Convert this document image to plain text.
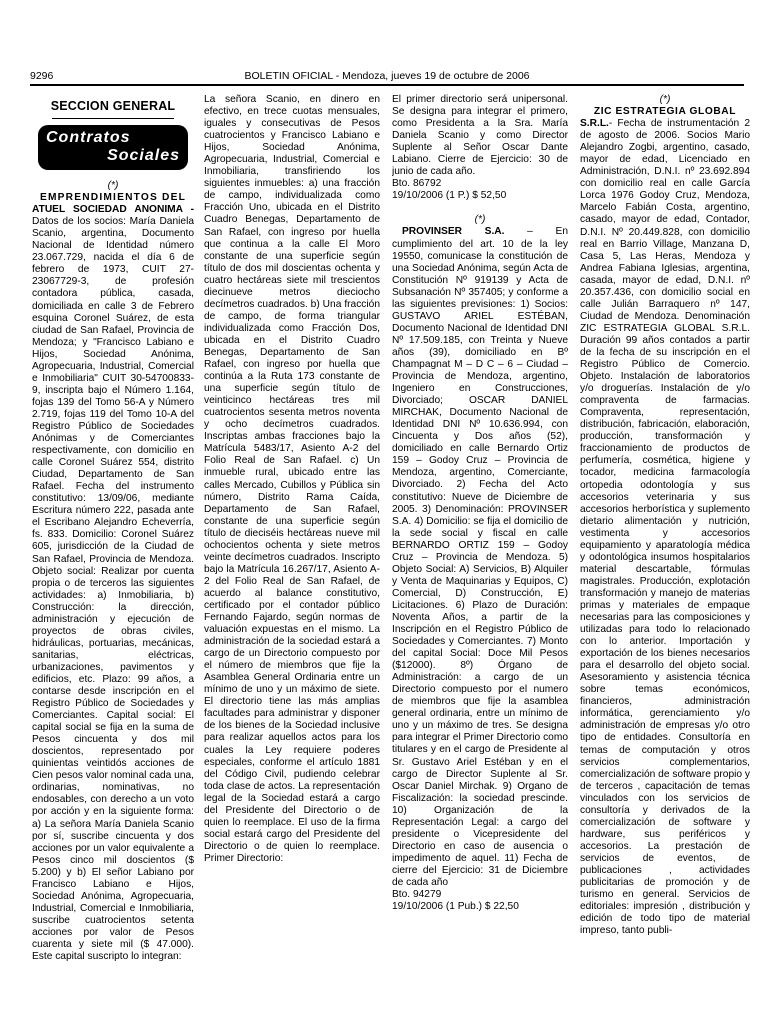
9296	BOLETIN OFICIAL - Mendoza, jueves 19 de octubre de 2006
SECCION GENERAL
Contratos
Sociales

(*)

EMPRENDIMIENTOS DEL

ATUEL SOCIEDAD ANONIMA - Datos de los socios: María Daniela Scanio, argentina, Documento Nacional de Identidad número 23.067.729, nacida el día 6 de febrero de 1973, CUIT 27-23067729-3, de profesión contadora pública, casada, domiciliada en calle 3 de Febrero esquina Coronel Suárez, de esta ciudad de San Rafael, Provincia de Mendoza; y "Francisco Labiano e Hijos, Sociedad Anónima, Agropecuaria, Industrial, Comercial e Inmobiliaria" CUIT 30-54700833-9, inscripta bajo el Número 1.164, fojas 139 del Tomo 56-A y Número 2.719, fojas 119 del Tomo 10-A del Registro Público de Sociedades Anónimas y de Comerciantes respectivamente, con domicilio en calle Coronel Suárez 554, distrito Ciudad, Departamento de San Rafael. Fecha del instrumento constitutivo: 13/09/06, mediante Escritura número 222, pasada ante el Escribano Alejandro Echeverría, fs. 833. Domicilio: Coronel Suárez 605, jurisdicción de la Ciudad de San Rafael, Provincia de Mendoza. Objeto social: Realizar por cuenta propia o de terceros las siguientes actividades: a) Inmobiliaria, b) Construcción: la dirección, administración y ejecución de proyectos de obras civiles, hidráulicas, portuarias, mecánicas, sanitarias, eléctricas, urbanizaciones, pavimentos y edificios, etc. Plazo: 99 años, a contarse desde inscripción en el Registro Público de Sociedades y Comerciantes. Capital social: El capital social se fija en la suma de Pesos cincuenta y dos mil doscientos, representado por quinientas veintidós acciones de Cien pesos valor nominal cada una, ordinarias, nominativas, no endosables, con derecho a un voto por acción y en la siguiente forma: a) La señora María Daniela Scanio por sí, suscribe cincuenta y dos acciones por un valor equivalente a Pesos cinco mil doscientos ($ 5.200) y b) El señor Labiano por Francisco Labiano e Hijos, Sociedad Anónima, Agropecuaria, Industrial, Comercial e Inmobiliaria, suscribe cuatrocientos setenta acciones por valor de Pesos cuarenta y siete mil ($ 47.000). Este capital suscripto lo integran:

La señora Scanio, en dinero en efectivo, en trece cuotas mensuales, iguales y consecutivas de Pesos cuatrocientos y Francisco Labiano e Hijos, Sociedad Anónima, Agropecuaria, Industrial, Comercial e Inmobiliaria, transfiriendo los siguientes inmuebles: a) una fracción de campo, individualizada como Fracción Uno, ubicada en el Distrito Cuadro Benegas, Departamento de San Rafael, con ingreso por huella que continua a la calle El Moro constante de una superficie según título de dos mil doscientas ochenta y cuatro hectáreas siete mil trescientos diecinueve metros dieciocho decímetros cuadrados. b) Una fracción de campo, de forma triangular individualizada como Fracción Dos, ubicada en el Distrito Cuadro Benegas, Departamento de San Rafael, con ingreso por huella que continúa a la Ruta 173 constante de una superficie según título de veinticinco hectáreas tres mil cuatrocientos sesenta metros noventa y ocho decímetros cuadrados. Inscriptas ambas fracciones bajo la Matrícula 5483/17, Asiento A-2 del Folio Real de San Rafael. c) Un inmueble rural, ubicado entre las calles Mercado, Cubillos y Pública sin número, Distrito Rama Caída, Departamento de San Rafael, constante de una superficie según título de dieciséis hectáreas nueve mil ochocientos ochenta y siete metros veinte decímetros cuadrados. Inscripto bajo la Matrícula 16.267/17, Asiento A-2 del Folio Real de San Rafael, de acuerdo al balance constitutivo, certificado por el contador público Fernando Fajardo, según normas de valuación expuestas en el mismo. La administración de la sociedad estará a cargo de un Directorio compuesto por el número de miembros que fije la Asamblea General Ordinaria entre un mínimo de uno y un máximo de siete. El directorio tiene las más amplias facultades para administrar y disponer de los bienes de la Sociedad inclusive para realizar aquellos actos para los cuales la Ley requiere poderes especiales, conforme el artículo 1881 del Código Civil, pudiendo celebrar toda clase de actos. La representación legal de la Sociedad estará a cargo del Presidente del Directorio o de quien lo reemplace. El uso de la firma social estará cargo del Presidente del Directorio o de quien lo reemplace. Primer Directorio:

El primer directorio será unipersonal. Se designa para integrar el primero, como Presidenta a la Sra. María Daniela Scanio y como Director Suplente al Señor Oscar Dante Labiano. Cierre de Ejercicio: 30 de junio de cada año.

Bto. 86792

19/10/2006 (1 P.) $ 52,50

(*)

PROVINSER S.A. – En cumplimiento del art. 10 de la ley 19550, comunicase la constitución de una Sociedad Anónima, según Acta de Constitución Nº 919139 y Acta de Subsanación Nº 357405; y conforme a las siguientes previsiones: 1) Socios: GUSTAVO ARIEL ESTÉBAN, Documento Nacional de Identidad DNI Nº 17.509.185, con Treinta y Nueve años (39), domiciliado en Bº Champagnat M – D C – 6 – Ciudad – Provincia de Mendoza, argentino, Ingeniero en Construcciones, Divorciado; OSCAR DANIEL MIRCHAK, Documento Nacional de Identidad DNI Nº 10.636.994, con Cincuenta y Dos años (52), domiciliado en calle Bernardo Ortiz 159 – Godoy Cruz – Provincia de Mendoza, argentino, Comerciante, Divorciado. 2) Fecha del Acto constitutivo: Nueve de Diciembre de 2005. 3) Denominación: PROVINSER S.A. 4) Domicilio: se fija el domicilio de la sede social y fiscal en calle BERNARDO ORTIZ 159 – Godoy Cruz – Provincia de Mendoza. 5) Objeto Social: A) Servicios, B) Alquiler y Venta de Maquinarias y Equipos, C) Comercial, D) Construcción, E) Licitaciones. 6) Plazo de Duración: Noventa Años, a partir de la Inscripción en el Registro Público de Sociedades y Comerciantes. 7) Monto del capital Social: Doce Mil Pesos ($12000). 8º) Órgano de Administración: a cargo de un Directorio compuesto por el numero de miembros que fije la asamblea general ordinaria, entre un mínimo de uno y un máximo de tres. Se designa para integrar el Primer Directorio como titulares y en el cargo de Presidente al Sr. Gustavo Ariel Estéban y en el cargo de Director Suplente al Sr. Oscar Daniel Mirchak. 9) Organo de Fiscalización: la sociedad prescinde. 10) Organización de la Representación Legal: a cargo del presidente o Vicepresidente del Directorio en caso de ausencia o impedimento de aquel. 11) Fecha de cierre del Ejercicio: 31 de Diciembre de cada año

Bto. 94279

19/10/2006 (1 Pub.) $ 22,50

(*)

ZIC ESTRATEGIA GLOBAL

S.R.L.- Fecha de instrumentación 2 de agosto de 2006. Socios Mario Alejandro Zogbi, argentino, casado, mayor de edad, Licenciado en Administración, D.N.I. nº 23.692.894 con domicilio real en calle García Lorca 1976 Godoy Cruz, Mendoza, Marcelo Fabián Costa, argentino, casado, mayor de edad, Contador, D.N.I. Nº 20.449.828, con domicilio real en Barrio Village, Manzana D, Casa 5, Las Heras, Mendoza y Andrea Fabiana Iglesias, argentina, casada, mayor de edad, D.N.I. nº 20.357.436, con domicilio social en calle Julián Barraquero nº 147, Ciudad de Mendoza. Denominación ZIC ESTRATEGIA GLOBAL S.R.L. Duración 99 años contados a partir de la fecha de su inscripción en el Registro Público de Comercio. Objeto. Instalación de laboratorios y/o droguerías. Instalación de y/o compraventa de farmacias. Compraventa, representación, distribución, fabricación, elaboración, producción, transformación y fraccionamiento de productos de perfumería, cosmética, higiene y tocador, medicina farmacología ortopedia odontología y sus accesorios veterinaria y sus accesorios herborística y suplemento dietario alimentación y nutrición, vestimenta y accesorios equipamiento y aparatología médica y odontológica insumos hospitalarios material descartable, fórmulas magistrales. Producción, explotación transformación y manejo de materias primas y materiales de empaque necesarias para las composiciones y utilizadas para todo lo relacionado con lo anterior. Importación y exportación de los bienes necesarios para el desarrollo del objeto social. Asesoramiento y asistencia técnica sobre temas económicos, financieros, administración informática, gerenciamiento y/o administración de empresas y/o otro tipo de entidades. Consultoría en temas de computación y otros servicios complementarios, comercialización de software propio y de terceros , capacitación de temas vinculados con los servicios de consultoría y derivados de la comercialización de software y hardware, sus periféricos y accesorios. La prestación de servicios de eventos, de publicaciones , actividades publicitarias de promoción y de turismo en general. Servicios de editoriales: impresión , distribución y edición de todo tipo de material impreso, tanto publi-
